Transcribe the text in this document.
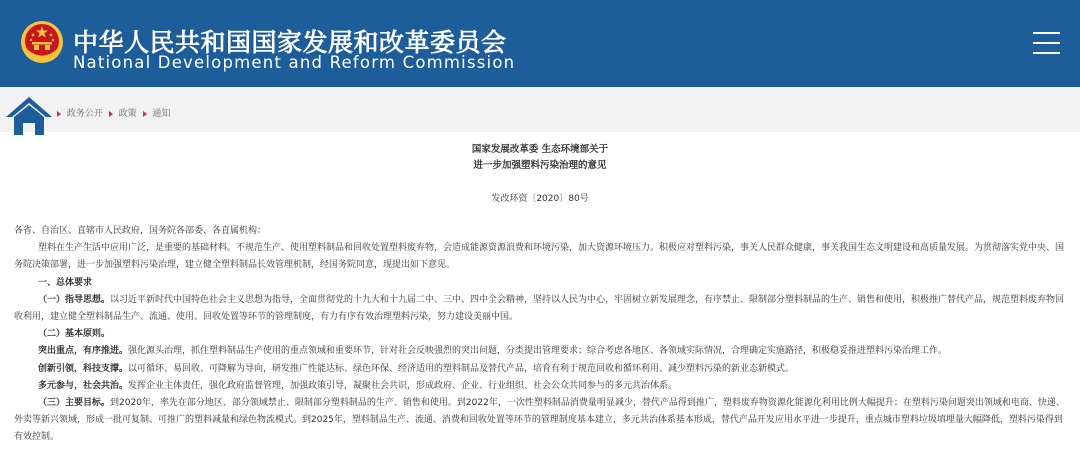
中华人民共和国国家发展和改革委员会
National Development and Reform Commission
政务公开 政策 通知
国家发展改革委 生态环境部关于
进一步加强塑料污染治理的意见
发改环资〔2020〕80号

各省、自治区、直辖市人民政府，国务院各部委、各直属机构：

塑料在生产生活中应用广泛，是重要的基础材料。不规范生产、使用塑料制品和回收处置塑料废弃物，会造成能源资源浪费和环境污染，加大资源环境压力。积极应对塑料污染，事关人民群众健康，事关我国生态文明建设和高质量发展。为贯彻落实党中央、国务院决策部署，进一步加强塑料污染治理，建立健全塑料制品长效管理机制，经国务院同意，现提出如下意见。

一、总体要求

（一）指导思想。以习近平新时代中国特色社会主义思想为指导，全面贯彻党的十九大和十九届二中、三中、四中全会精神，坚持以人民为中心，牢固树立新发展理念，有序禁止、限制部分塑料制品的生产、销售和使用，积极推广替代产品，规范塑料废弃物回收利用，建立健全塑料制品生产、流通、使用、回收处置等环节的管理制度，有力有序有效治理塑料污染，努力建设美丽中国。

（二）基本原则。

突出重点，有序推进。强化源头治理，抓住塑料制品生产使用的重点领域和重要环节，针对社会反映强烈的突出问题，分类提出管理要求；综合考虑各地区、各领域实际情况，合理确定实施路径，积极稳妥推进塑料污染治理工作。

创新引领，科技支撑。以可循环、易回收、可降解为导向，研发推广性能达标、绿色环保、经济适用的塑料制品及替代产品，培育有利于规范回收和循环利用、减少塑料污染的新业态新模式。

多元参与，社会共治。发挥企业主体责任，强化政府监督管理，加强政策引导，凝聚社会共识，形成政府、企业、行业组织、社会公众共同参与的多元共治体系。

（三）主要目标。到2020年，率先在部分地区、部分领域禁止、限制部分塑料制品的生产、销售和使用。到2022年，一次性塑料制品消费量明显减少，替代产品得到推广，塑料废弃物资源化能源化利用比例大幅提升；在塑料污染问题突出领域和电商、快递、外卖等新兴领域，形成一批可复制、可推广的塑料减量和绿色物流模式。到2025年，塑料制品生产、流通、消费和回收处置等环节的管理制度基本建立，多元共治体系基本形成，替代产品开发应用水平进一步提升，重点城市塑料垃圾填埋量大幅降低，塑料污染得到有效控制。
